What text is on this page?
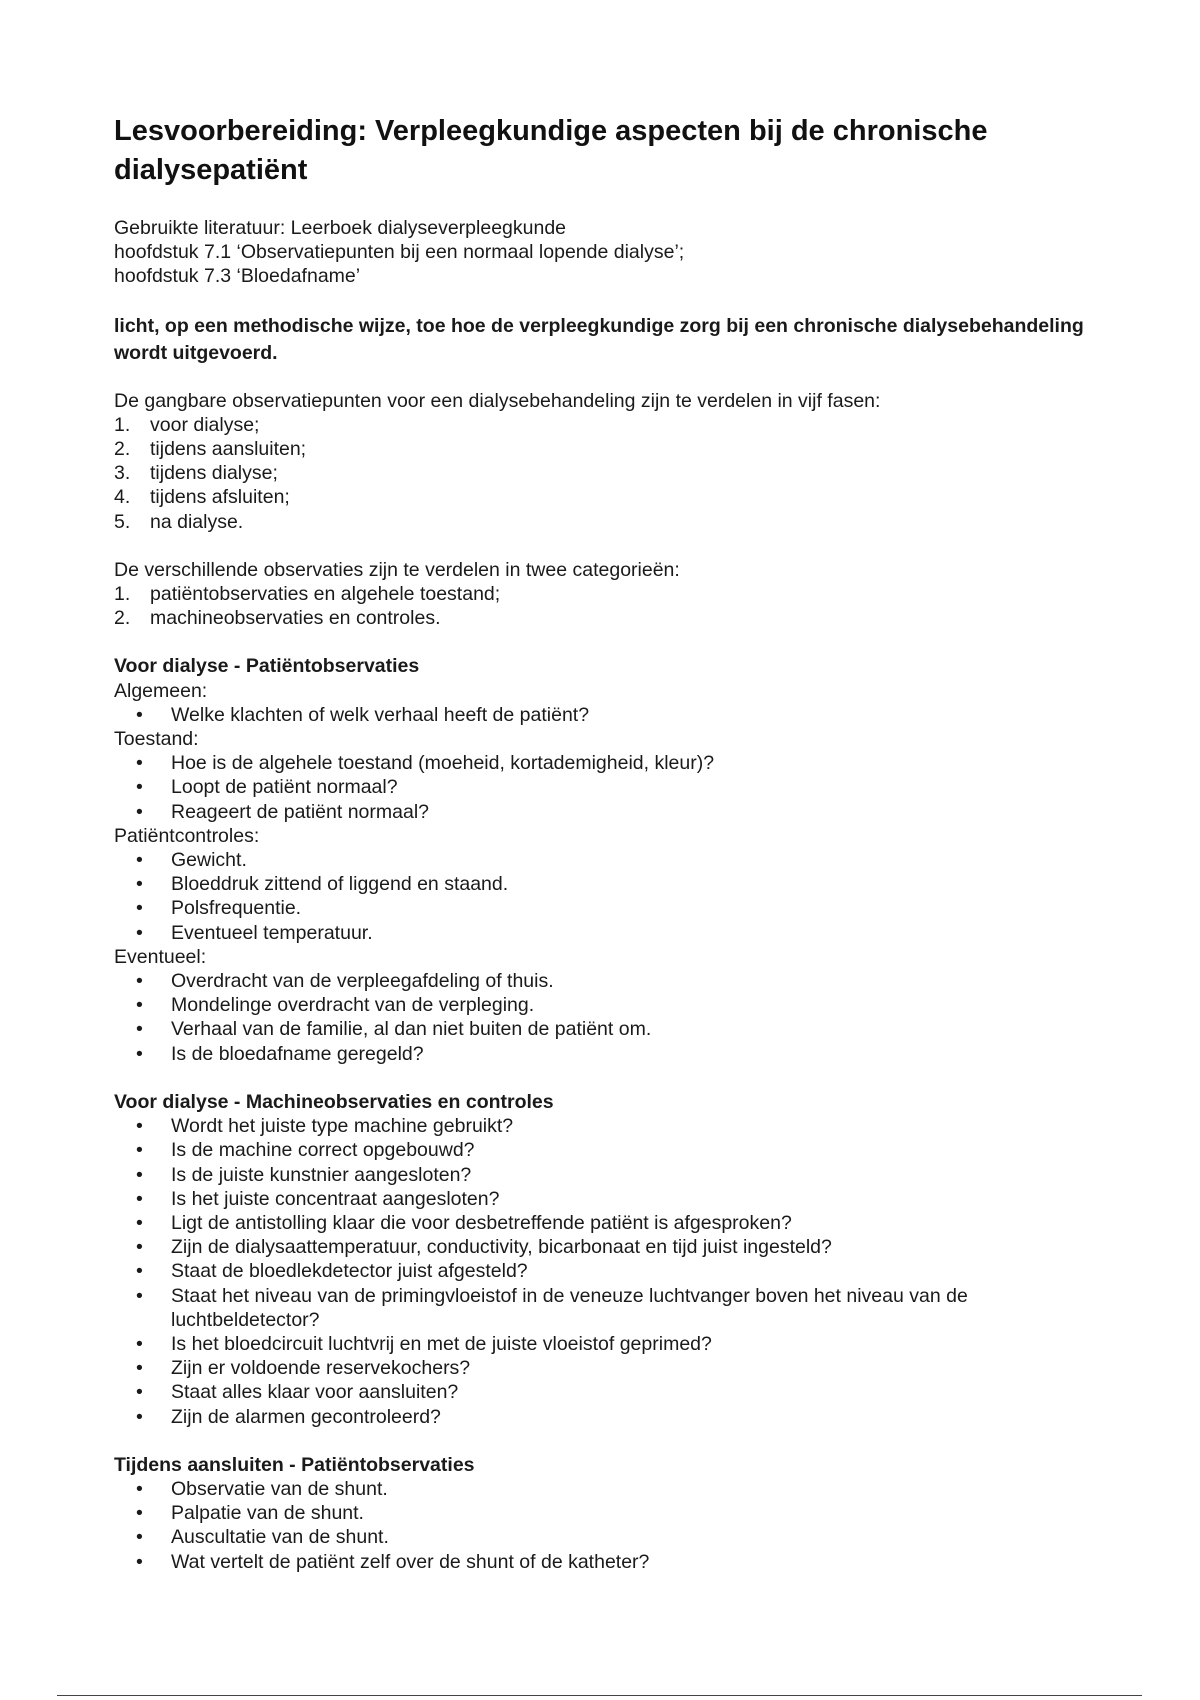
Lesvoorbereiding: Verpleegkundige aspecten bij de chronische dialysepatiënt

Gebruikte literatuur: Leerboek dialyseverpleegkunde

hoofdstuk 7.1 ‘Observatiepunten bij een normaal lopende dialyse’;

hoofdstuk 7.3 ‘Bloedafname’

licht, op een methodische wijze, toe hoe de verpleegkundige zorg bij een chronische dialysebehandeling wordt uitgevoerd.

De gangbare observatiepunten voor een dialysebehandeling zijn te verdelen in vijf fasen:

1. voor dialyse;
2. tijdens aansluiten;
3. tijdens dialyse;
4. tijdens afsluiten;
5. na dialyse.

De verschillende observaties zijn te verdelen in twee categorieën:

1. patiëntobservaties en algehele toestand;
2. machineobservaties en controles.

Voor dialyse - Patiëntobservaties

Algemeen:

• Welke klachten of welk verhaal heeft de patiënt?

Toestand:

• Hoe is de algehele toestand (moeheid, kortademigheid, kleur)?
• Loopt de patiënt normaal?
• Reageert de patiënt normaal?

Patiëntcontroles:

• Gewicht.
• Bloeddruk zittend of liggend en staand.
• Polsfrequentie.
• Eventueel temperatuur.

Eventueel:

• Overdracht van de verpleegafdeling of thuis.
• Mondelinge overdracht van de verpleging.
• Verhaal van de familie, al dan niet buiten de patiënt om.
• Is de bloedafname geregeld?

Voor dialyse - Machineobservaties en controles

• Wordt het juiste type machine gebruikt?
• Is de machine correct opgebouwd?
• Is de juiste kunstnier aangesloten?
• Is het juiste concentraat aangesloten?
• Ligt de antistolling klaar die voor desbetreffende patiënt is afgesproken?
• Zijn de dialysaattemperatuur, conductivity, bicarbonaat en tijd juist ingesteld?
• Staat de bloedlekdetector juist afgesteld?
• Staat het niveau van de primingvloeistof in de veneuze luchtvanger boven het niveau van de luchtbeldetector?
• Is het bloedcircuit luchtvrij en met de juiste vloeistof geprimed?
• Zijn er voldoende reservekochers?
• Staat alles klaar voor aansluiten?
• Zijn de alarmen gecontroleerd?

Tijdens aansluiten - Patiëntobservaties

• Observatie van de shunt.
• Palpatie van de shunt.
• Auscultatie van de shunt.
• Wat vertelt de patiënt zelf over de shunt of de katheter?
